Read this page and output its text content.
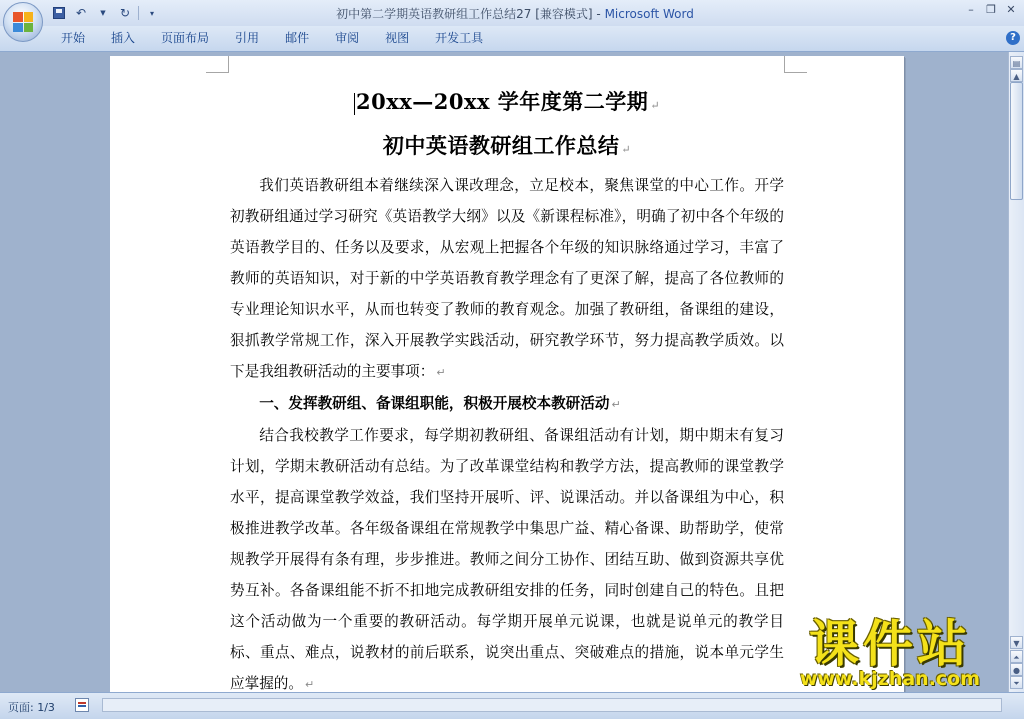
↶ ▼ ↻ ▾	初中第二学期英语教研组工作总结27 [兼容模式] - Microsoft Word	– ❐ ✕
开始	插入	页面布局	引用	邮件	审阅	视图	开发工具	?
20xx—20xx 学年度第二学期 ↵
初中英语教研组工作总结 ↵

我们英语教研组本着继续深入课改理念，立足校本，聚焦课堂的中心工作。开学初教研组通过学习研究《英语教学大纲》以及《新课程标准》，明确了初中各个年级的英语教学目的、任务以及要求，从宏观上把握各个年级的知识脉络通过学习，丰富了教师的英语知识，对于新的中学英语教育教学理念有了更深了解，提高了各位教师的专业理论知识水平，从而也转变了教师的教育观念。加强了教研组，备课组的建设，狠抓教学常规工作，深入开展教学实践活动，研究教学环节，努力提高教学质效。以下是我组教研活动的主要事项： ↵

一、发挥教研组、备课组职能，积极开展校本教研活动 ↵

结合我校教学工作要求，每学期初教研组、备课组活动有计划，期中期末有复习计划，学期末教研活动有总结。为了改革课堂结构和教学方法，提高教师的课堂教学水平，提高课堂教学效益，我们坚持开展听、评、说课活动。并以备课组为中心，积极推进教学改革。各年级备课组在常规教学中集思广益、精心备课、助帮助学，使常规教学开展得有条有理，步步推进。教师之间分工协作、团结互助、做到资源共享优势互补。各备课组能不折不扣地完成教研组安排的任务，同时创建自己的特色。且把这个活动做为一个重要的教研活动。每学期开展单元说课，也就是说单元的教学目标、重点、难点，说教材的前后联系，说突出重点、突破难点的措施，说本单元学生应掌握的。 ↵

▤
▲
▼
⏶
●
⏷
页面: 1/3
课件站
www.kjzhan.com
